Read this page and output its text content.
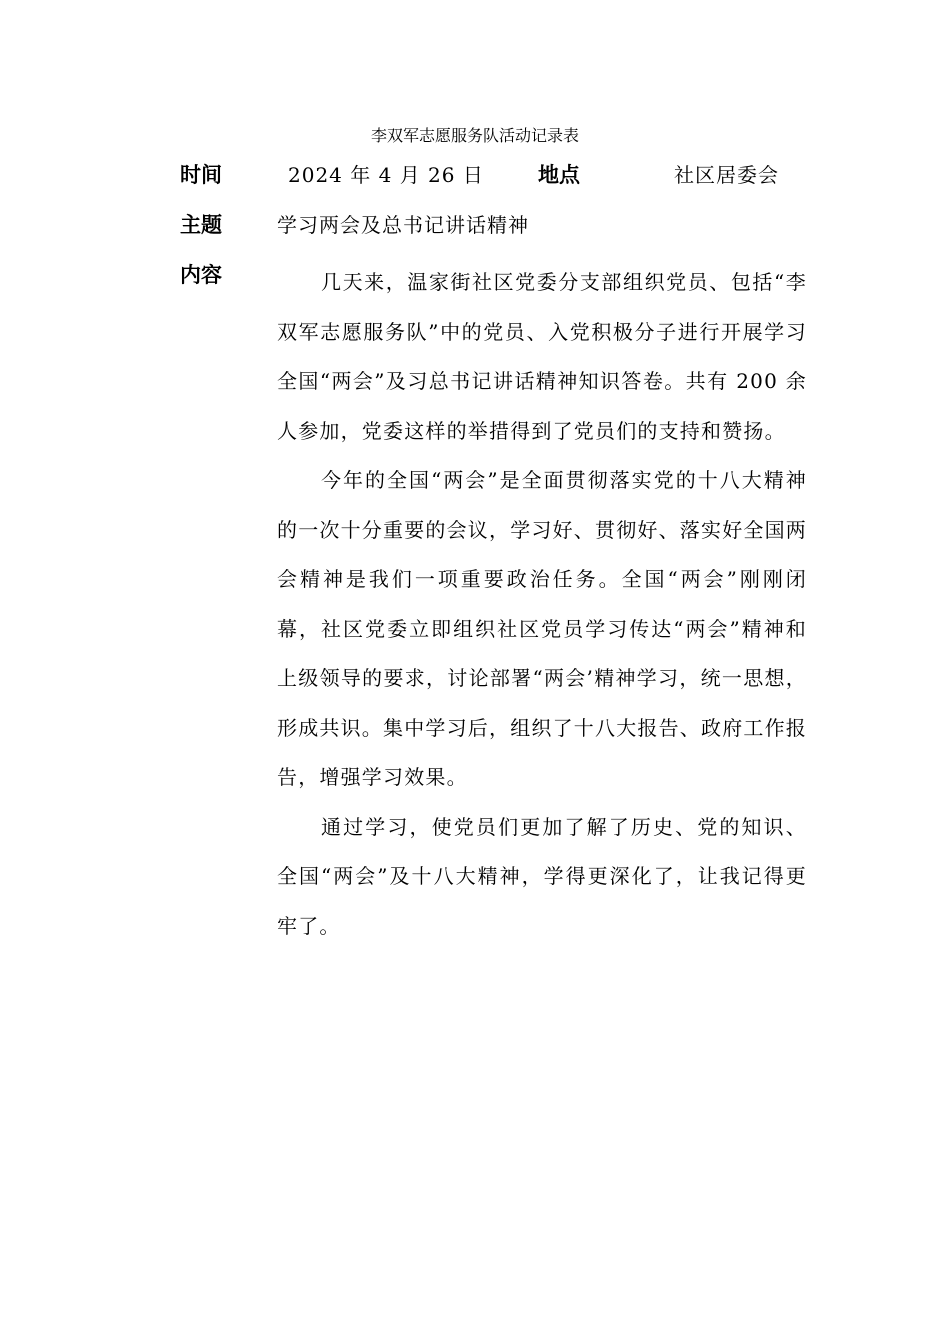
李双军志愿服务队活动记录表
时间	2024 年 4 月 26 日	地点	社区居委会
主题	学习两会及总书记讲话精神
内容	几天来，温家街社区党委分支部组织党员、包括“李双军志愿服务队”中的党员、入党积极分子进行开展学习全国“两会”及习总书记讲话精神知识答卷。共有 200 余人参加，党委这样的举措得到了党员们的支持和赞扬。

今年的全国“两会”是全面贯彻落实党的十八大精神的一次十分重要的会议，学习好、贯彻好、落实好全国两会精神是我们一项重要政治任务。全国“两会”刚刚闭幕，社区党委立即组织社区党员学习传达“两会”精神和上级领导的要求，讨论部署“两会’精神学习，统一思想，形成共识。集中学习后，组织了十八大报告、政府工作报告，增强学习效果。

通过学习，使党员们更加了解了历史、党的知识、全国“两会”及十八大精神，学得更深化了，让我记得更牢了。
